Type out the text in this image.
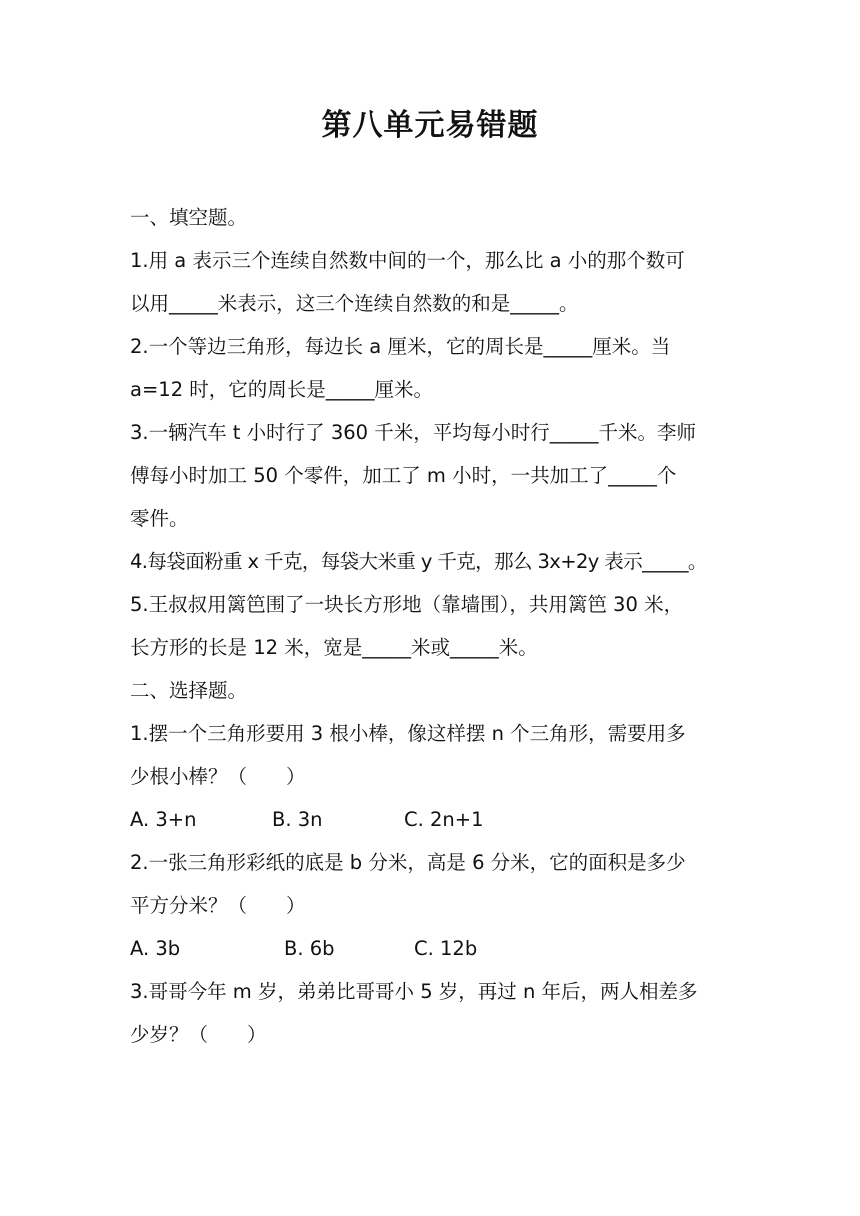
第八单元易错题
一、填空题。
1.用 a 表示三个连续自然数中间的一个，那么比 a 小的那个数可
以用_____米表示，这三个连续自然数的和是_____。
2.一个等边三角形，每边长 a 厘米，它的周长是_____厘米。当
a=12 时，它的周长是_____厘米。
3.一辆汽车 t 小时行了 360 千米，平均每小时行_____千米。李师
傅每小时加工 50 个零件，加工了 m 小时，一共加工了_____个
零件。
4.每袋面粉重 x 千克，每袋大米重 y 千克，那么 3x+2y 表示_____。
5.王叔叔用篱笆围了一块长方形地（靠墙围），共用篱笆 30 米，
长方形的长是 12 米，宽是_____米或_____米。
二、选择题。
1.摆一个三角形要用 3 根小棒，像这样摆 n 个三角形，需要用多
少根小棒？（　　）
A. 3+n	B. 3n	C. 2n+1
2.一张三角形彩纸的底是 b 分米，高是 6 分米，它的面积是多少
平方分米？（　　）
A. 3b	B. 6b	C. 12b
3.哥哥今年 m 岁，弟弟比哥哥小 5 岁，再过 n 年后，两人相差多
少岁？（　　）
